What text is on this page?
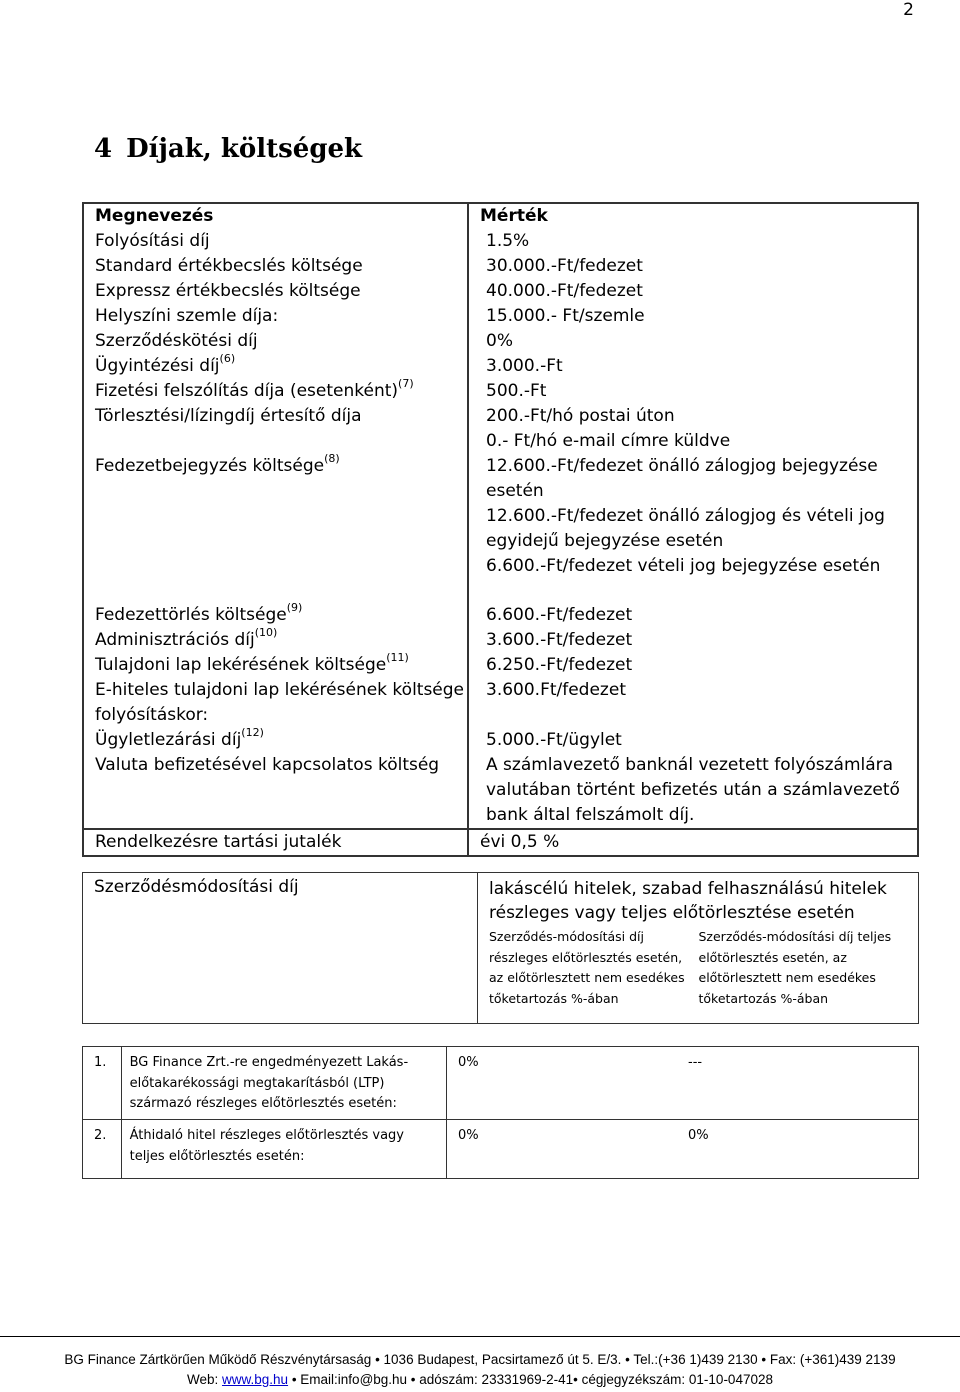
2
4 Díjak, költségek
Megnevezés	Mérték
Folyósítási díj	1.5%

Standard értékbecslés költsége	30.000.-Ft/fedezet

Expressz értékbecslés költsége	40.000.-Ft/fedezet

Helyszíni szemle díja:	15.000.- Ft/szemle

Szerződéskötési díj	0%

Ügyintézési díj$^{(6)}$	3.000.-Ft

Fizetési felszólítás díja (esetenként)$^{(7)}$	500.-Ft

Törlesztési/lízingdíj értesítő díja	200.-Ft/hó postai úton
0.- Ft/hó e-mail címre küldve

Fedezetbejegyzés költsége$^{(8)}$	12.600.-Ft/fedezet önálló zálogjog bejegyzése esetén
12.600.-Ft/fedezet önálló zálogjog és vételi jog egyidejű bejegyzése esetén
6.600.-Ft/fedezet vételi jog bejegyzése esetén

Fedezettörlés költsége$^{(9)}$	6.600.-Ft/fedezet

Adminisztrációs díj$^{(10)}$	3.600.-Ft/fedezet

Tulajdoni lap lekérésének költsége$^{(11)}$	6.250.-Ft/fedezet

E-hiteles tulajdoni lap lekérésének költsége folyósításkor:	3.600.Ft/fedezet

Ügyletlezárási díj$^{(12)}$	5.000.-Ft/ügylet

Valuta befizetésével kapcsolatos költség	A számlavezető banknál vezetett folyószámlára valutában történt befizetés után a számlavezető bank által felszámolt díj.

Rendelkezésre tartási jutalék	évi 0,5 %
Szerződésmódosítási díj	lakáscélú hitelek, szabad felhasználású hitelek részleges vagy teljes előtörlesztése esetén
Szerződés-módosítási díj részleges előtörlesztés esetén, az előtörlesztett nem esedékes tőketartozás %-ában
Szerződés-módosítási díj teljes előtörlesztés esetén, az előtörlesztett nem esedékes tőketartozás %-ában
1.	BG Finance Zrt.-re engedményezett Lakás-előtakarékossági megtakarításból (LTP) származó részleges előtörlesztés esetén:	0% ---

2.	Áthidaló hitel részleges előtörlesztés vagy teljes előtörlesztés esetén:	0% 0%
BG Finance Zártkörűen Működő Részvénytársaság • 1036 Budapest, Pacsirtamező út 5. E/3. • Tel.:(+36 1)439 2130 • Fax: (+361)439 2139
Web: www.bg.hu • Email:info@bg.hu • adószám: 23331969-2-41• cégjegyzékszám: 01-10-047028
